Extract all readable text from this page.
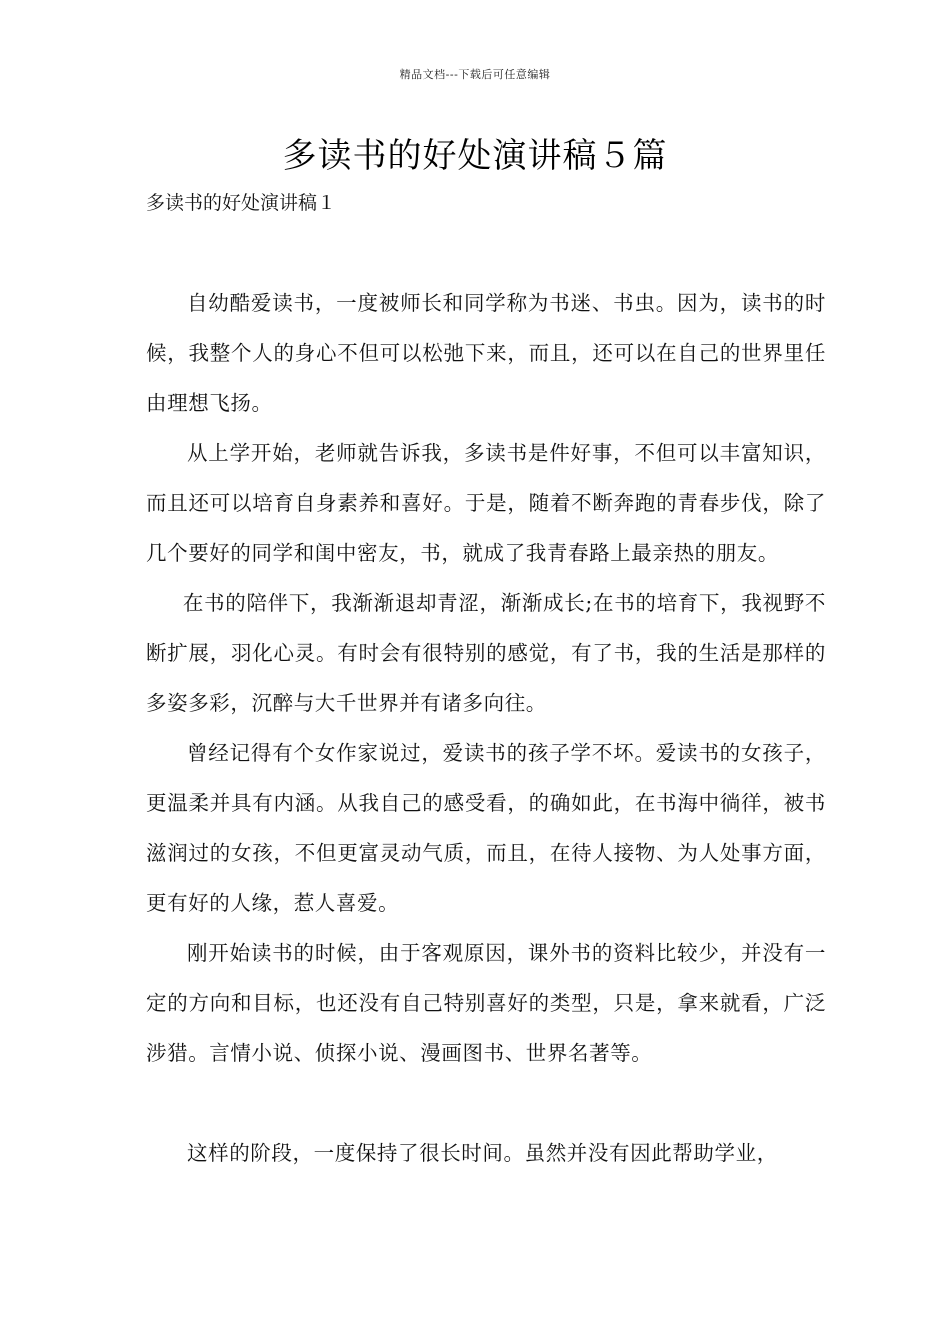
精品文档---下载后可任意编辑
多读书的好处演讲稿５篇
多读书的好处演讲稿１

自幼酷爱读书，一度被师长和同学称为书迷、书虫。因为，读书的时候，我整个人的身心不但可以松弛下来，而且，还可以在自己的世界里任由理想飞扬。

从上学开始，老师就告诉我，多读书是件好事，不但可以丰富知识，而且还可以培育自身素养和喜好。于是，随着不断奔跑的青春步伐，除了几个要好的同学和闺中密友，书，就成了我青春路上最亲热的朋友。

在书的陪伴下，我渐渐退却青涩，渐渐成长;在书的培育下，我视野不断扩展，羽化心灵。有时会有很特别的感觉，有了书，我的生活是那样的多姿多彩，沉醉与大千世界并有诸多向往。

曾经记得有个女作家说过，爱读书的孩子学不坏。爱读书的女孩子，更温柔并具有内涵。从我自己的感受看，的确如此，在书海中徜徉，被书滋润过的女孩，不但更富灵动气质，而且，在待人接物、为人处事方面，更有好的人缘，惹人喜爱。

刚开始读书的时候，由于客观原因，课外书的资料比较少，并没有一定的方向和目标，也还没有自己特别喜好的类型，只是，拿来就看，广泛涉猎。言情小说、侦探小说、漫画图书、世界名著等。

这样的阶段，一度保持了很长时间。虽然并没有因此帮助学业，
